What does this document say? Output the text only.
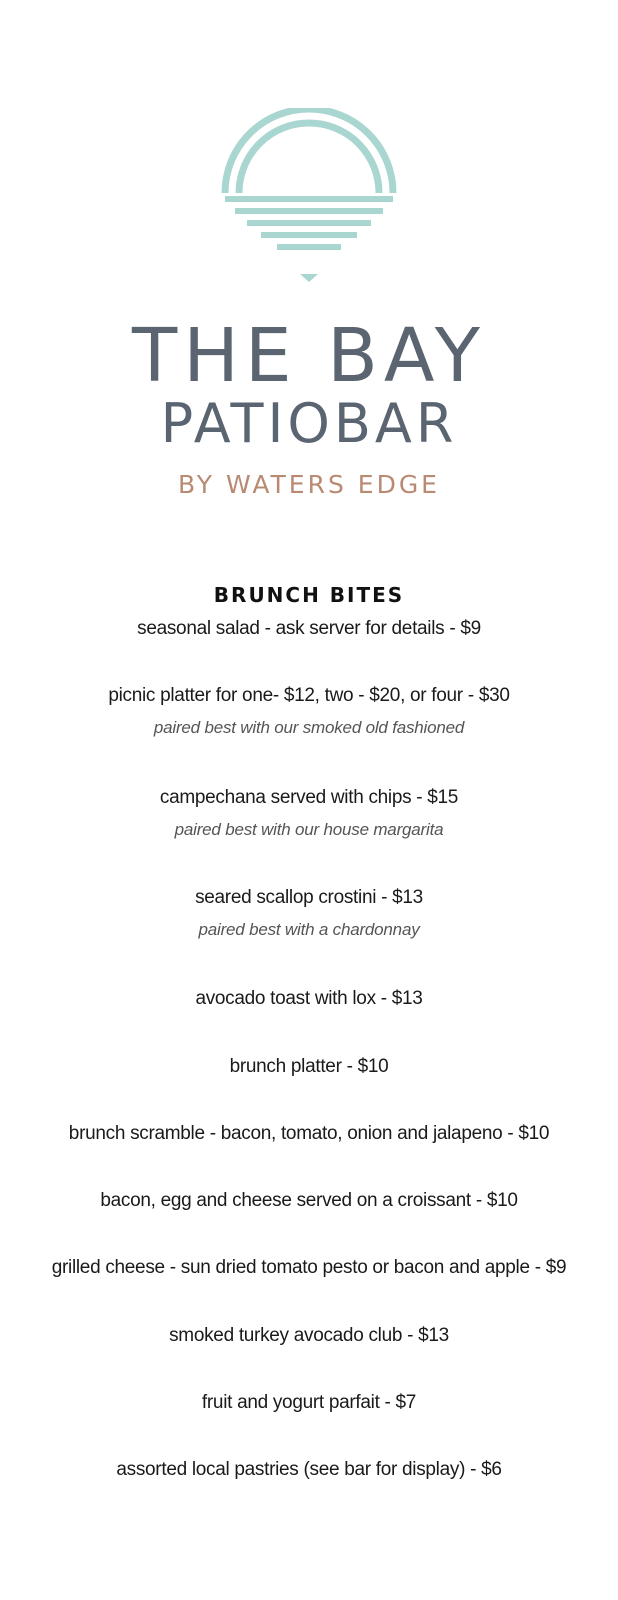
THE BAY
PATIOBAR
BY WATERS EDGE
BRUNCH BITES
seasonal salad - ask server for details - $9
picnic platter for one- $12, two - $20, or four - $30
paired best with our smoked old fashioned
campechana served with chips - $15
paired best with our house margarita
seared scallop crostini - $13
paired best with a chardonnay
avocado toast with lox - $13
brunch platter - $10
brunch scramble - bacon, tomato, onion and jalapeno - $10
bacon, egg and cheese served on a croissant - $10
grilled cheese - sun dried tomato pesto or bacon and apple - $9
smoked turkey avocado club - $13
fruit and yogurt parfait - $7
assorted local pastries (see bar for display) - $6
